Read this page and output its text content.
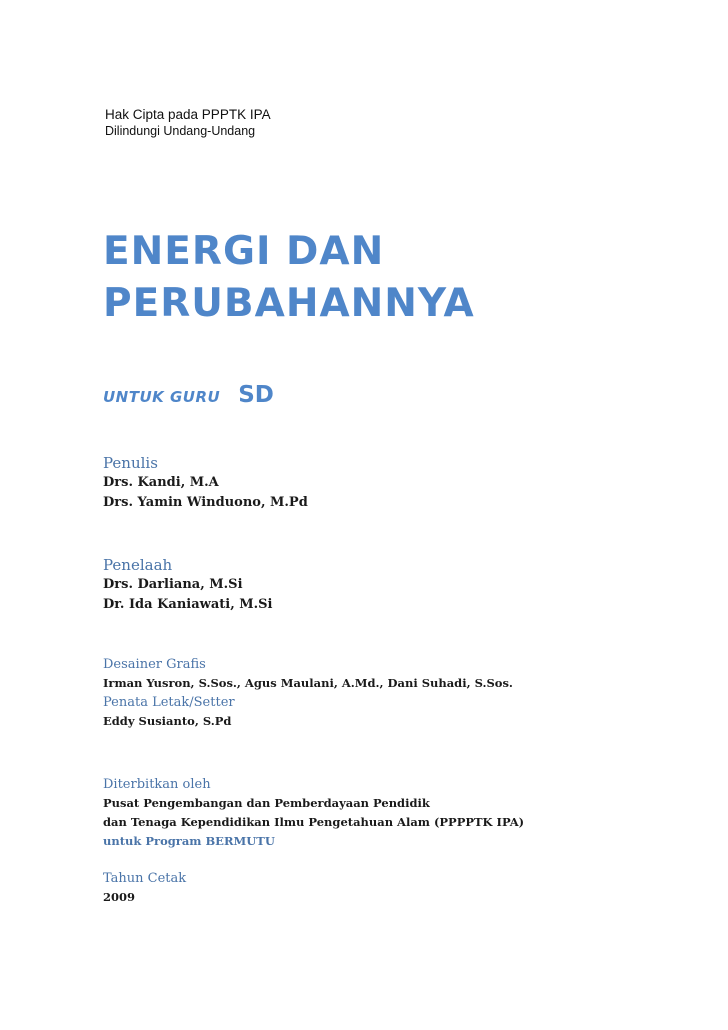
Hak Cipta pada PPPTK IPA
Dilindungi Undang-Undang
ENERGI DAN
PERUBAHANNYA
UNTUK GURU SD
Penulis
Drs. Kandi, M.A
Drs. Yamin Winduono, M.Pd
Penelaah
Drs. Darliana, M.Si
Dr. Ida Kaniawati, M.Si
Desainer Grafis
Irman Yusron, S.Sos., Agus Maulani, A.Md., Dani Suhadi, S.Sos.
Penata Letak/Setter
Eddy Susianto, S.Pd
Diterbitkan oleh
Pusat Pengembangan dan Pemberdayaan Pendidik
dan Tenaga Kependidikan Ilmu Pengetahuan Alam (PPPPTK IPA)
untuk Program BERMUTU
Tahun Cetak
2009
